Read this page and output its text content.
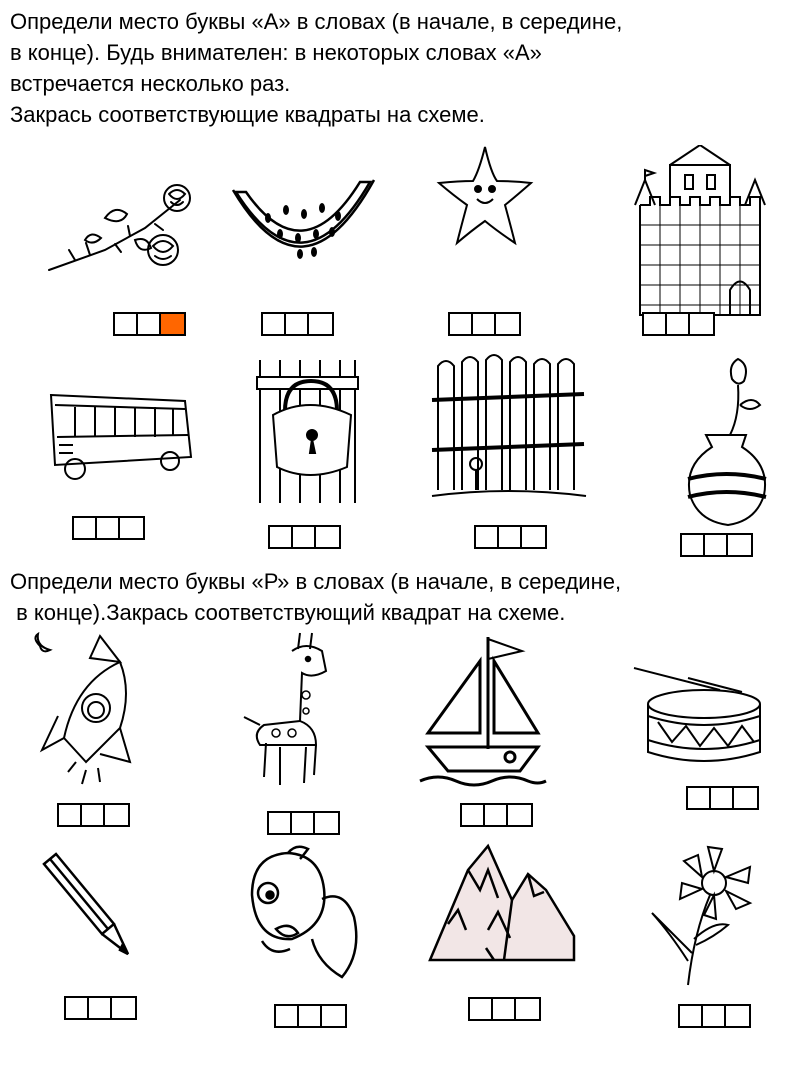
Определи место буквы «А» в словах (в начале, в середине,
в конце). Будь внимателен: в некоторых словах «А»
встречается несколько раз.
Закрась соответствующие квадраты на схеме.
Определи место буквы «Р» в словах (в начале, в середине,
в конце).Закрась соответствующий квадрат на схеме.
